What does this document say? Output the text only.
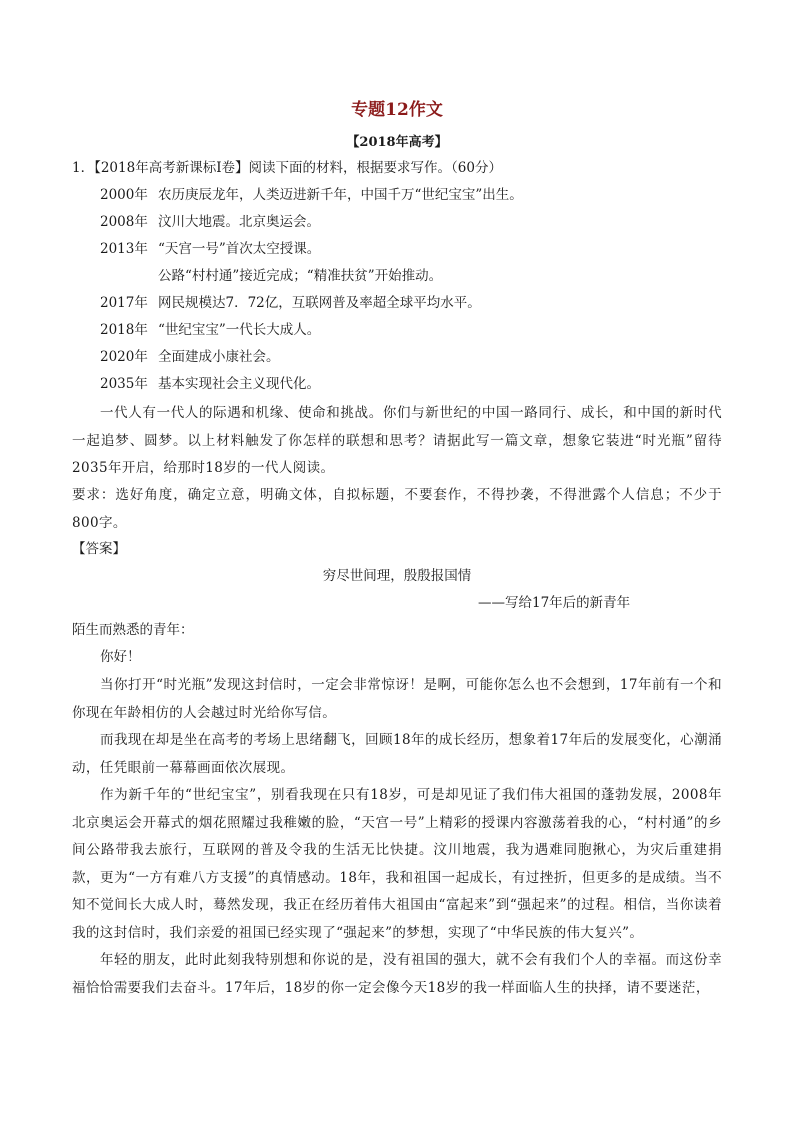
专题12作文
【2018年高考】
1．【2018年高考新课标Ⅰ卷】阅读下面的材料，根据要求写作。（60分）
2000年 农历庚辰龙年，人类迈进新千年，中国千万“世纪宝宝”出生。
2008年 汶川大地震。北京奥运会。
2013年 “天宫一号”首次太空授课。
公路“村村通”接近完成；“精准扶贫”开始推动。
2017年 网民规模达7．72亿，互联网普及率超全球平均水平。
2018年 “世纪宝宝”一代长大成人。
2020年 全面建成小康社会。
2035年 基本实现社会主义现代化。
一代人有一代人的际遇和机缘、使命和挑战。你们与新世纪的中国一路同行、成长，和中国的新时代一起追梦、圆梦。以上材料触发了你怎样的联想和思考？请据此写一篇文章，想象它装进“时光瓶”留待2035年开启，给那时18岁的一代人阅读。
要求：选好角度，确定立意，明确文体，自拟标题，不要套作，不得抄袭，不得泄露个人信息；不少于800字。
【答案】
穷尽世间理，殷殷报国情
——写给17年后的新青年
陌生而熟悉的青年：
你好！
当你打开“时光瓶”发现这封信时，一定会非常惊讶！是啊，可能你怎么也不会想到，17年前有一个和你现在年龄相仿的人会越过时光给你写信。
而我现在却是坐在高考的考场上思绪翻飞，回顾18年的成长经历，想象着17年后的发展变化，心潮涌动，任凭眼前一幕幕画面依次展现。
作为新千年的“世纪宝宝”，别看我现在只有18岁，可是却见证了我们伟大祖国的蓬勃发展，2008年北京奥运会开幕式的烟花照耀过我稚嫩的脸，“天宫一号”上精彩的授课内容激荡着我的心，“村村通”的乡间公路带我去旅行，互联网的普及令我的生活无比快捷。汶川地震，我为遇难同胞揪心，为灾后重建捐款，更为“一方有难八方支援”的真情感动。18年，我和祖国一起成长，有过挫折，但更多的是成绩。当不知不觉间长大成人时，蓦然发现，我正在经历着伟大祖国由“富起来”到“强起来”的过程。相信，当你读着我的这封信时，我们亲爱的祖国已经实现了“强起来”的梦想，实现了“中华民族的伟大复兴”。
年轻的朋友，此时此刻我特别想和你说的是，没有祖国的强大，就不会有我们个人的幸福。而这份幸福恰恰需要我们去奋斗。17年后，18岁的你一定会像今天18岁的我一样面临人生的抉择，请不要迷茫，
